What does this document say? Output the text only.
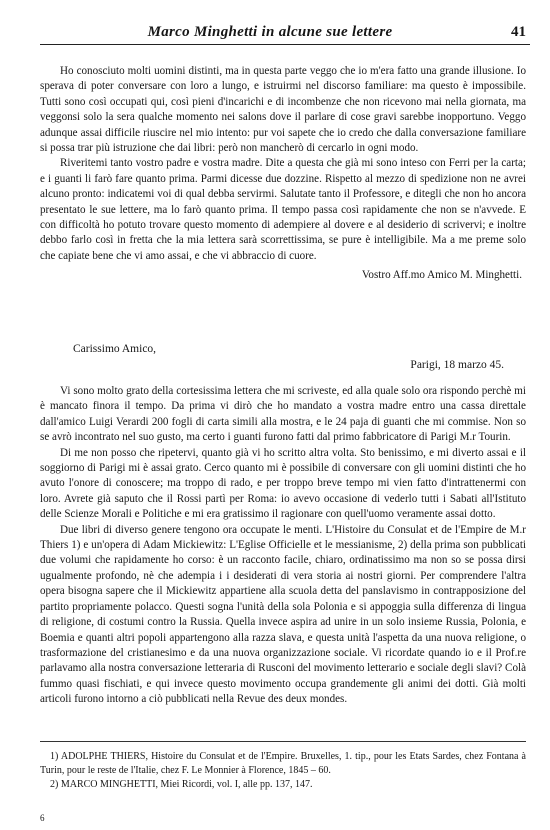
Marco Minghetti in alcune sue lettere	41

Ho conosciuto molti uomini distinti, ma in questa parte veggo che io m'era fatto una grande illusione. Io sperava di poter conversare con loro a lungo, e istruirmi nel discorso familiare: ma questo è impossibile. Tutti sono così occupati qui, così pieni d'incarichi e di incombenze che non ricevono mai nella giornata, ma veggonsi solo la sera qualche momento nei salons dove il parlare di cose gravi sarebbe inopportuno. Veggo adunque assai difficile riuscire nel mio intento: pur voi sapete che io credo che dalla conversazione familiare si possa trar più istruzione che dai libri: però non mancherò di cercarlo in ogni modo.

Riveritemi tanto vostro padre e vostra madre. Dite a questa che già mi sono inteso con Ferri per la carta; e i guanti li farò fare quanto prima. Parmi dicesse due dozzine. Rispetto al mezzo di spedizione non ne avrei alcuno pronto: indicatemi voi di qual debba servirmi. Salutate tanto il Professore, e ditegli che non ho ancora presentato le sue lettere, ma lo farò quanto prima. Il tempo passa così rapidamente che non se n'avvede. E con difficoltà ho potuto trovare questo momento di adempiere al dovere e al desiderio di scrivervi; e inoltre debbo farlo così in fretta che la mia lettera sarà scorrettissima, se pure è intelligibile. Ma a me preme solo che capiate bene che vi amo assai, e che vi abbraccio di cuore.

Vostro Aff.mo Amico M. Minghetti.

Carissimo Amico,
Parigi, 18 marzo 45.

Vi sono molto grato della cortesissima lettera che mi scriveste, ed alla quale solo ora rispondo perchè mi è mancato finora il tempo. Da prima vi dirò che ho mandato a vostra madre entro una cassa direttale dall'amico Luigi Verardi 200 fogli di carta simili alla mostra, e le 24 paja di guanti che mi commise. Non so se avrò incontrato nel suo gusto, ma certo i guanti furono fatti dal primo fabbricatore di Parigi M.r Tourin.

Di me non posso che ripetervi, quanto già vi ho scritto altra volta. Sto benissimo, e mi diverto assai e il soggiorno di Parigi mi è assai grato. Cerco quanto mi è possibile di conversare con gli uomini distinti che ho avuto l'onore di conoscere; ma troppo di rado, e per troppo breve tempo mi vien fatto d'intrattenermi con loro. Avrete già saputo che il Rossi partì per Roma: io avevo occasione di vederlo tutti i Sabati all'Istituto delle Scienze Morali e Politiche e mi era gratissimo il ragionare con quell'uomo veramente assai dotto.

Due libri di diverso genere tengono ora occupate le menti. L'Histoire du Consulat et de l'Empire de M.r Thiers 1) e un'opera di Adam Mickiewitz: L'Eglise Officielle et le messianisme, 2) della prima son pubblicati due volumi che rapidamente ho corso: è un racconto facile, chiaro, ordinatissimo ma non so se possa dirsi ugualmente profondo, nè che adempia i i desiderati di vera storia ai nostri giorni. Per comprendere l'altra opera bisogna sapere che il Mickiewitz appartiene alla scuola detta del panslavismo in contrapposizione del partito propriamente polacco. Questi sogna l'unità della sola Polonia e si appoggia sulla differenza di lingua di religione, di costumi contro la Russia. Quella invece aspira ad unire in un solo insieme Russia, Polonia, e Boemia e quanti altri popoli appartengono alla razza slava, e questa unità l'aspetta da una nuova religione, o trasformazione del cristianesimo e da una nuova organizzazione sociale. Vi ricordate quando io e il Prof.re parlavamo alla nostra conversazione letteraria di Rusconi del movimento letterario e sociale degli slavi? Colà fummo quasi fischiati, e qui invece questo movimento occupa grandemente gli animi dei dotti. Già molti articoli furono intorno a ciò pubblicati nella Revue des deux mondes.

1) ADOLPHE THIERS, Histoire du Consulat et de l'Empire. Bruxelles, 1. tip., pour les Etats Sardes, chez Fontana à Turin, pour le reste de l'Italie, chez F. Le Monnier à Florence, 1845 – 60.

2) MARCO MINGHETTI, Miei Ricordi, vol. I, alle pp. 137, 147.

6
